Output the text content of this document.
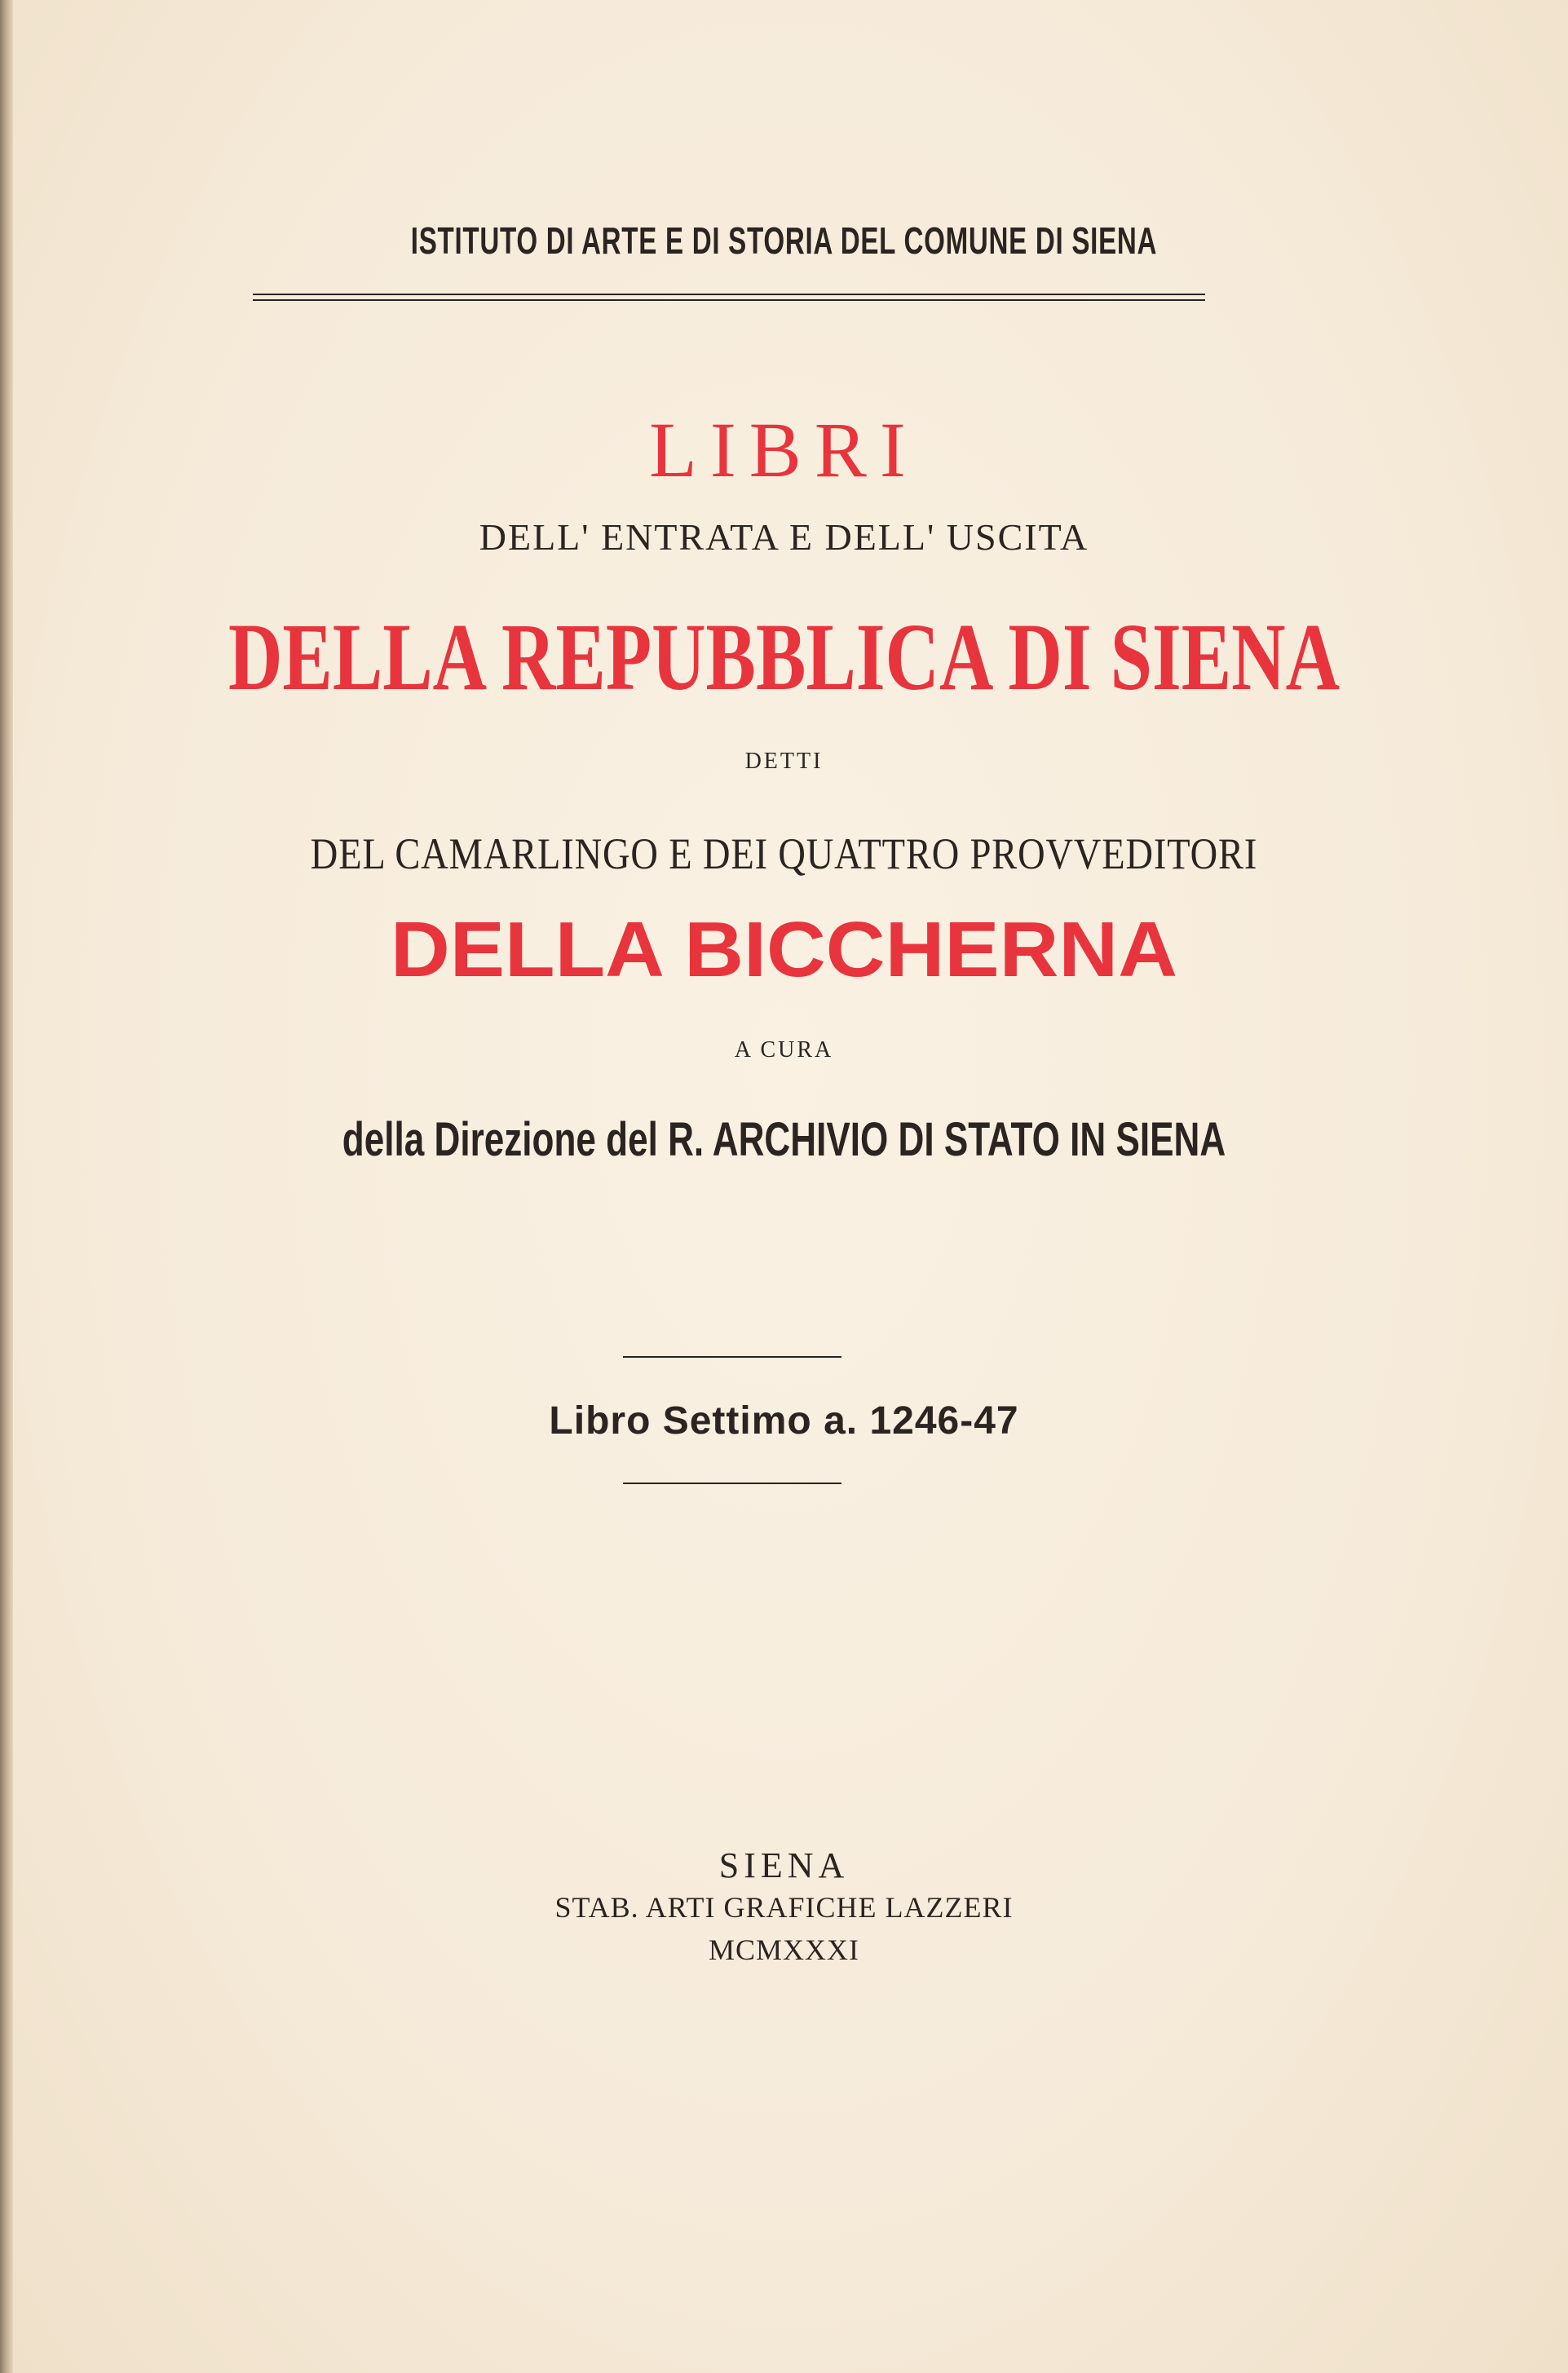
ISTITUTO DI ARTE E DI STORIA DEL COMUNE DI SIENA
LIBRI
DELL' ENTRATA E DELL' USCITA
DELLA REPUBBLICA DI SIENA
DETTI
DEL CAMARLINGO E DEI QUATTRO PROVVEDITORI
DELLA BICCHERNA
A CURA
della Direzione del R. ARCHIVIO DI STATO IN SIENA
Libro Settimo a. 1246-47
SIENA
STAB. ARTI GRAFICHE LAZZERI
MCMXXXI
